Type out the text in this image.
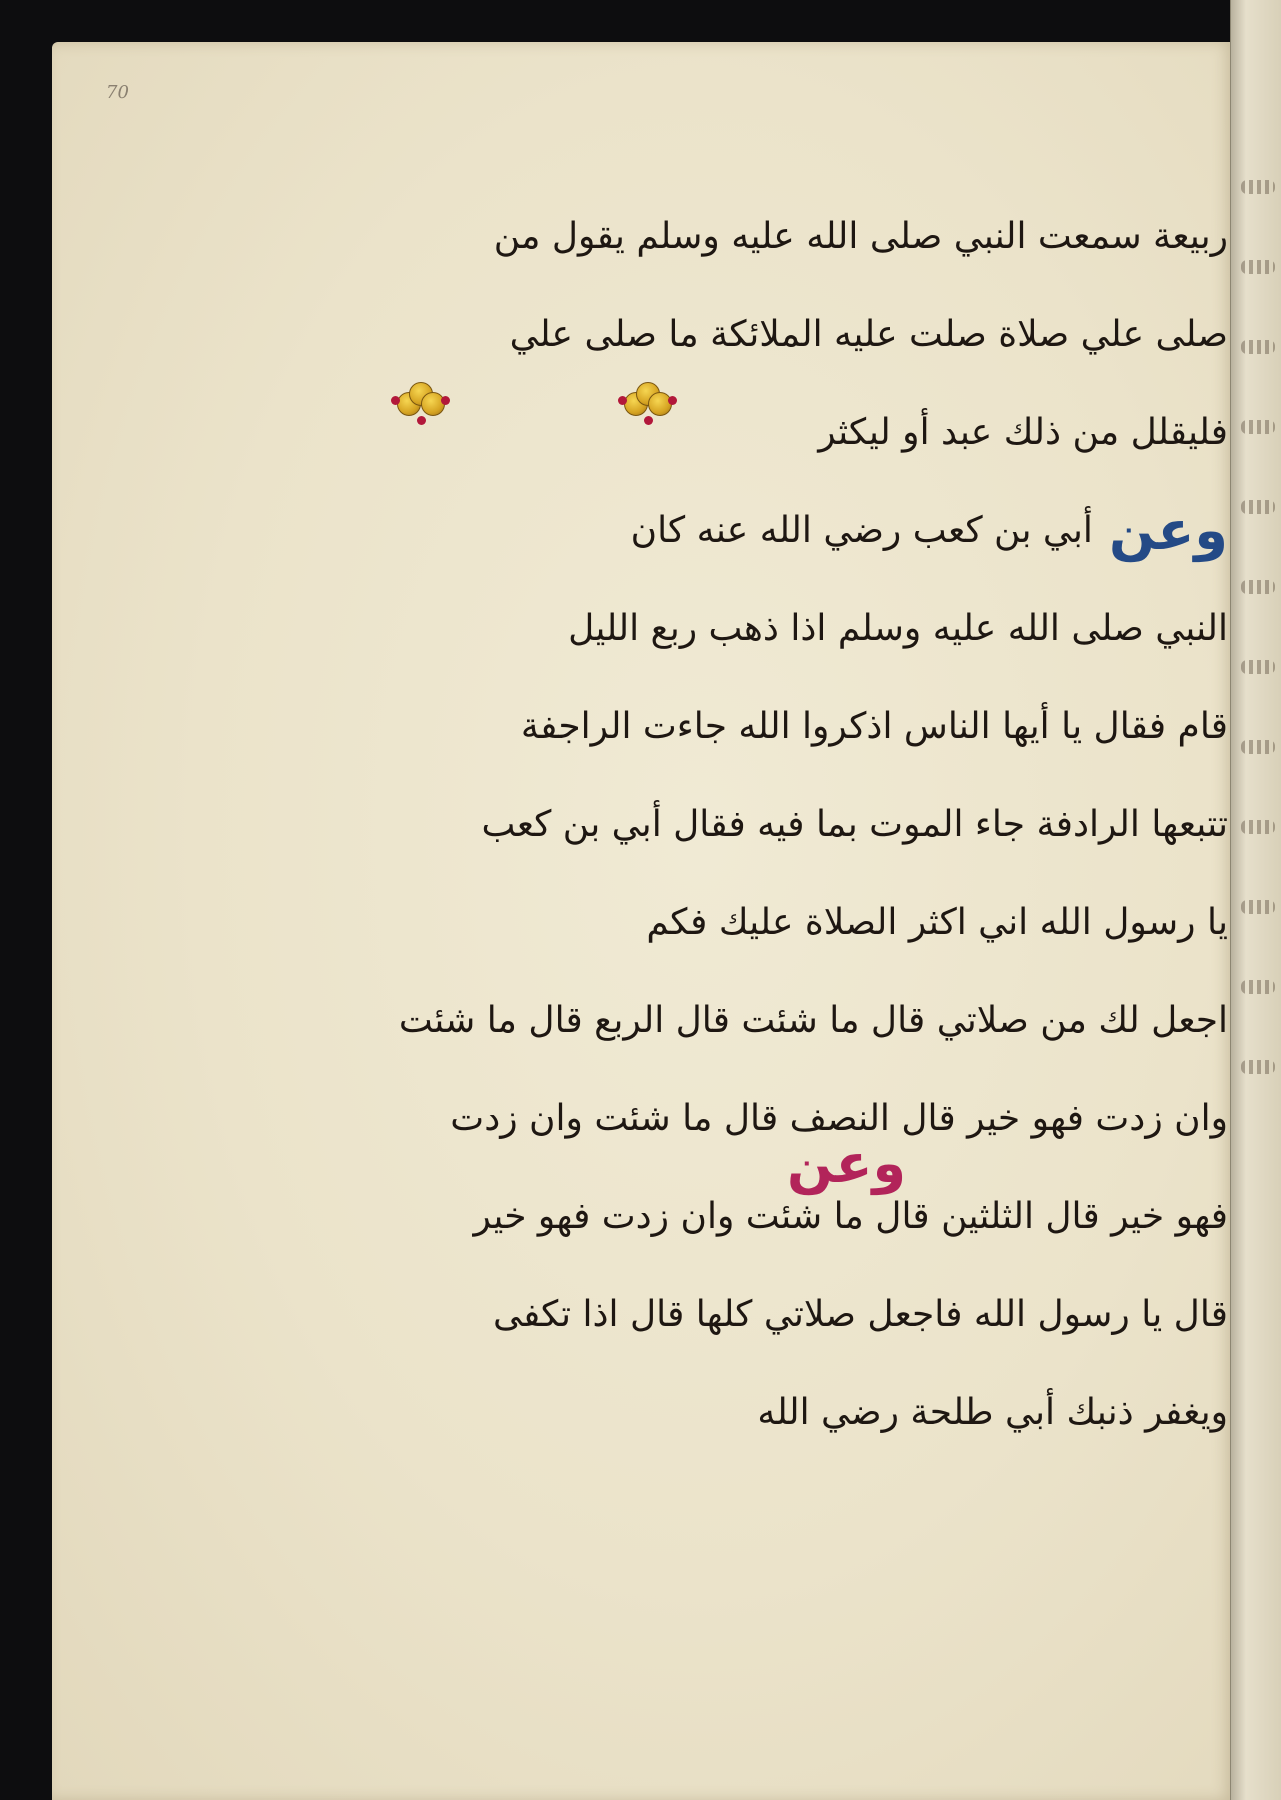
70
ربيعة سمعت النبي صلى الله عليه وسلم يقول من
صلى علي صلاة صلت عليه الملائكة ما صلى علي
فليقلل من ذلك عبد أو ليكثر
وعن
أبي بن كعب رضي الله عنه كان
النبي صلى الله عليه وسلم اذا ذهب ربع الليل
قام فقال يا أيها الناس اذكروا الله جاءت الراجفة
تتبعها الرادفة جاء الموت بما فيه فقال أبي بن كعب
يا رسول الله اني اكثر الصلاة عليك فكم
اجعل لك من صلاتي قال ما شئت قال الربع قال ما شئت
وان زدت فهو خير قال النصف قال ما شئت وان زدت
فهو خير قال الثلثين قال ما شئت وان زدت فهو خير
قال يا رسول الله فاجعل صلاتي كلها قال اذا تكفى
ويغفر ذنبك أبي طلحة رضي الله
وعن
